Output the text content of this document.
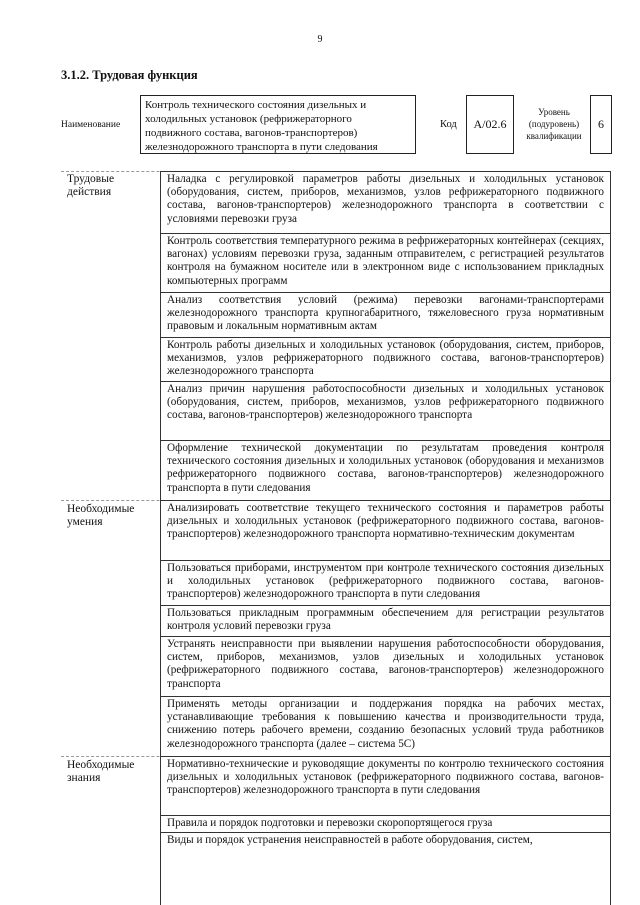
9
3.1.2. Трудовая функция
Наименование
Контроль технического состояния дизельных и холодильных установок (рефрижераторного подвижного состава, вагонов-транспортеров) железнодорожного транспорта в пути следования
Код	А/02.6
Уровень (подуровень) квалификации
6
Трудовые действия
Необходимые умения
Необходимые знания
Наладка с регулировкой параметров работы дизельных и холодильных установок (оборудования, систем, приборов, механизмов, узлов рефрижераторного подвижного состава, вагонов-транспортеров) железнодорожного транспорта в соответствии с условиями перевозки груза
Контроль соответствия температурного режима в рефрижераторных контейнерах (секциях, вагонах) условиям перевозки груза, заданным отправителем, с регистрацией результатов контроля на бумажном носителе или в электронном виде с использованием прикладных компьютерных программ
Анализ соответствия условий (режима) перевозки вагонами-транспортерами железнодорожного транспорта крупногабаритного, тяжеловесного груза нормативным правовым и локальным нормативным актам
Контроль работы дизельных и холодильных установок (оборудования, систем, приборов, механизмов, узлов рефрижераторного подвижного состава, вагонов-транспортеров) железнодорожного транспорта
Анализ причин нарушения работоспособности дизельных и холодильных установок (оборудования, систем, приборов, механизмов, узлов рефрижераторного подвижного состава, вагонов-транспортеров) железнодорожного транспорта
Оформление технической документации по результатам проведения контроля технического состояния дизельных и холодильных установок (оборудования и механизмов рефрижераторного подвижного состава, вагонов-транспортеров) железнодорожного транспорта в пути следования
Анализировать соответствие текущего технического состояния и параметров работы дизельных и холодильных установок (рефрижераторного подвижного состава, вагонов-транспортеров) железнодорожного транспорта нормативно-техническим документам
Пользоваться приборами, инструментом при контроле технического состояния дизельных и холодильных установок (рефрижераторного подвижного состава, вагонов-транспортеров) железнодорожного транспорта в пути следования
Пользоваться прикладным программным обеспечением для регистрации результатов контроля условий перевозки груза
Устранять неисправности при выявлении нарушения работоспособности оборудования, систем, приборов, механизмов, узлов дизельных и холодильных установок (рефрижераторного подвижного состава, вагонов-транспортеров) железнодорожного транспорта
Применять методы организации и поддержания порядка на рабочих местах, устанавливающие требования к повышению качества и производительности труда, снижению потерь рабочего времени, созданию безопасных условий труда работников железнодорожного транспорта (далее – система 5С)
Нормативно-технические и руководящие документы по контролю технического состояния дизельных и холодильных установок (рефрижераторного подвижного состава, вагонов-транспортеров) железнодорожного транспорта в пути следования
Правила и порядок подготовки и перевозки скоропортящегося груза
Виды и порядок устранения неисправностей в работе оборудования, систем,
